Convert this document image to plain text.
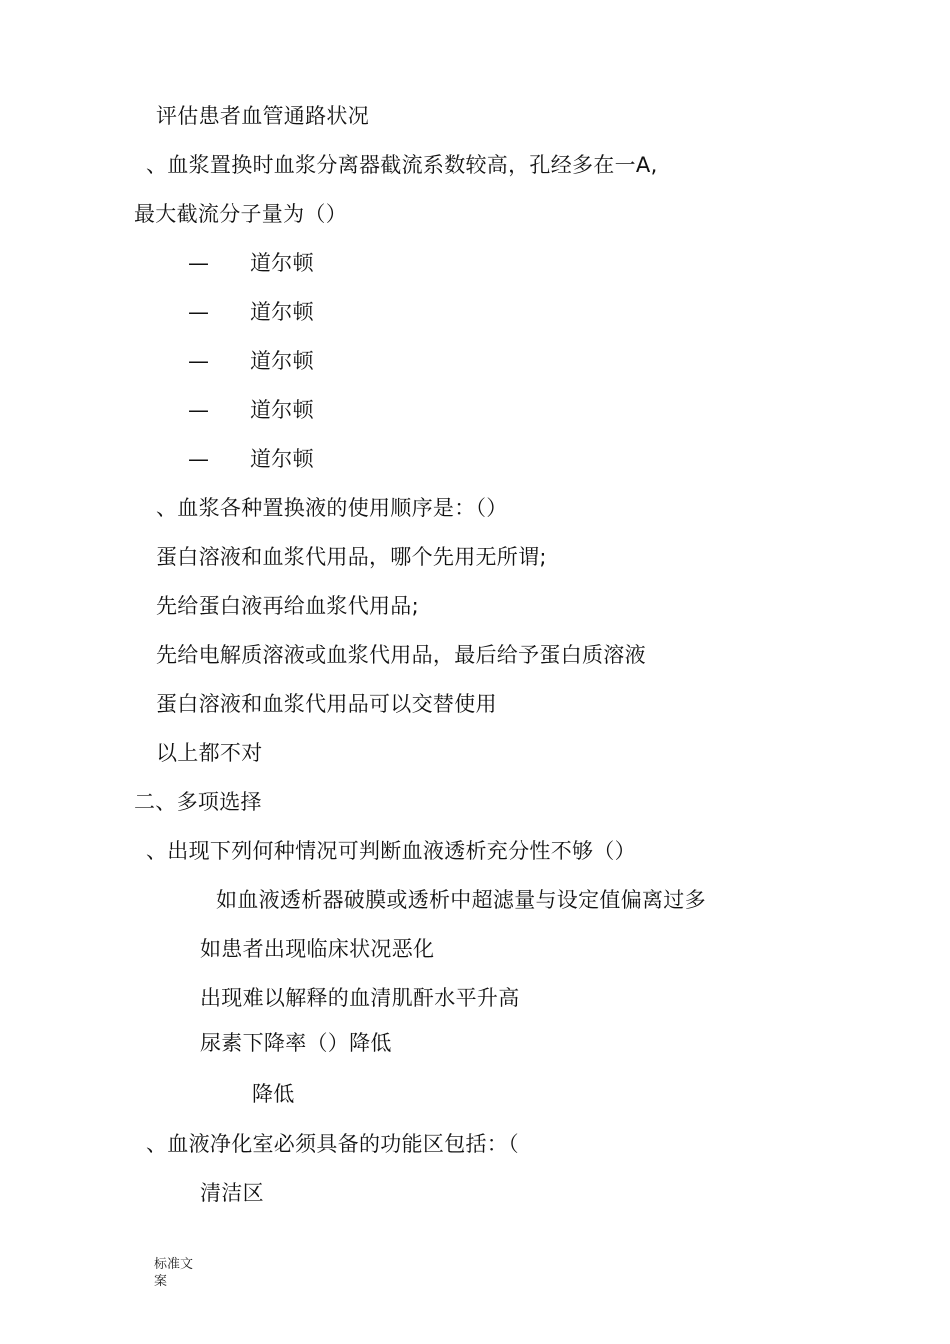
评估患者血管通路状况
、血浆置换时血浆分离器截流系数较高，孔经多在一A,
最大截流分子量为（）
— 道尔顿
— 道尔顿
— 道尔顿
— 道尔顿
— 道尔顿
、血浆各种置换液的使用顺序是：（）
蛋白溶液和血浆代用品，哪个先用无所谓;
先给蛋白液再给血浆代用品;
先给电解质溶液或血浆代用品，最后给予蛋白质溶液
蛋白溶液和血浆代用品可以交替使用
以上都不对
二、多项选择
、出现下列何种情况可判断血液透析充分性不够（）
如血液透析器破膜或透析中超滤量与设定值偏离过多
如患者出现临床状况恶化
出现难以解释的血清肌酐水平升高
尿素下降率（）降低
降低
、血液净化室必须具备的功能区包括：（
清洁区
标准文案
